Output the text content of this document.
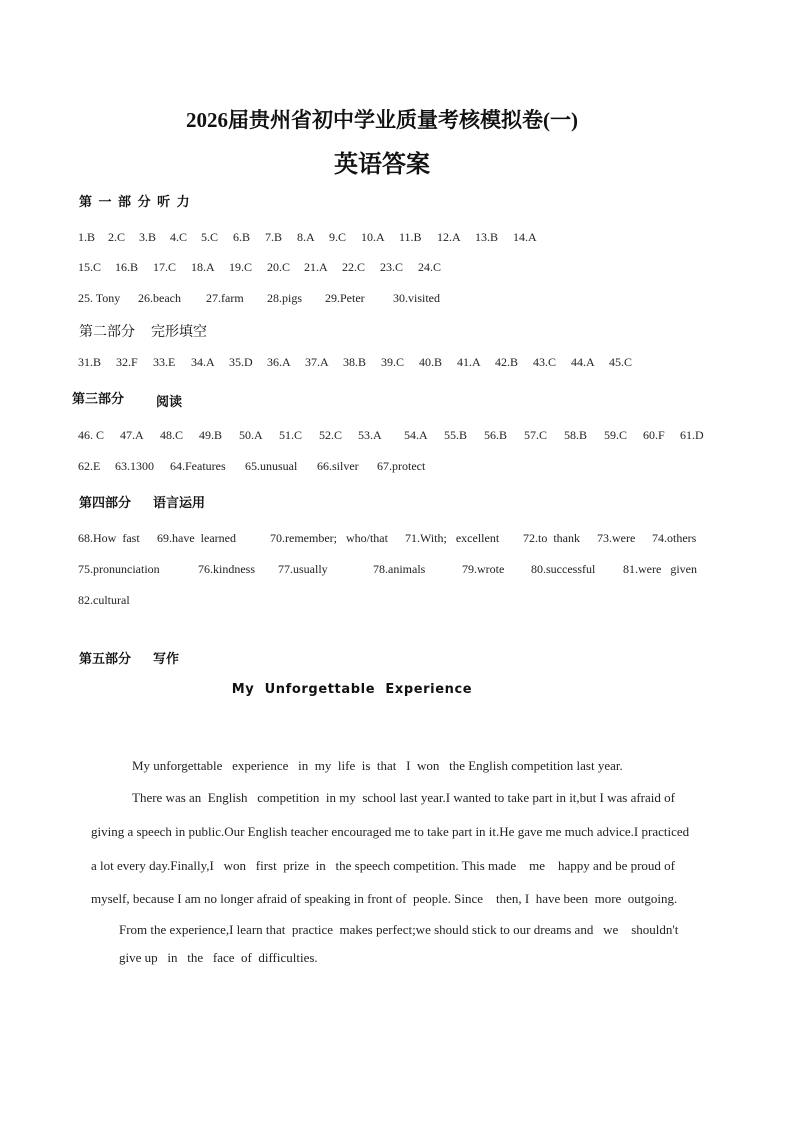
2026届贵州省初中学业质量考核模拟卷(一)
英语答案
第 一 部 分 听 力
1.B 2.C 3.B 4.C 5.C 6.B 7.B 8.A 9.C 10.A 11.B 12.A 13.B 14.A
15.C 16.B 17.C 18.A 19.C 20.C 21.A 22.C 23.C 24.C
25. Tony 26.beach 27.farm 28.pigs 29.Peter 30.visited
第二部分 完形填空
31.B 32.F 33.E 34.A 35.D 36.A 37.A 38.B 39.C 40.B 41.A 42.B 43.C 44.A 45.C
第三部分 阅读
46. C 47.A 48.C 49.B 50.A 51.C 52.C 53.A 54.A 55.B 56.B 57.C 58.B 59.C 60.F 61.D
62.E 63.1300 64.Features 65.unusual 66.silver 67.protect
第四部分 语言运用
68.How  fast 69.have  learned	70.remember;   who/that 71.With;   excellent 72.to  thank 73.were 74.others
75.pronunciation	76.kindness 77.usually	78.animals	79.wrote 80.successful 81.were   given
82.cultural
第五部分 写作
My  Unforgettable  Experience
My unforgettable   experience   in  my  life  is  that   I  won   the English competition last year.
There was an  English   competition  in my  school last year.I wanted to take part in it,but I was afraid of
giving a speech in public.Our English teacher encouraged me to take part in it.He gave me much advice.I practiced
a lot every day.Finally,I   won   first  prize  in   the speech competition. This made    me    happy and be proud of
myself, because I am no longer afraid of speaking in front of  people. Since    then, I  have been  more  outgoing.
From the experience,I learn that  practice  makes perfect;we should stick to our dreams and   we    shouldn't
give up   in   the   face  of  difficulties.
